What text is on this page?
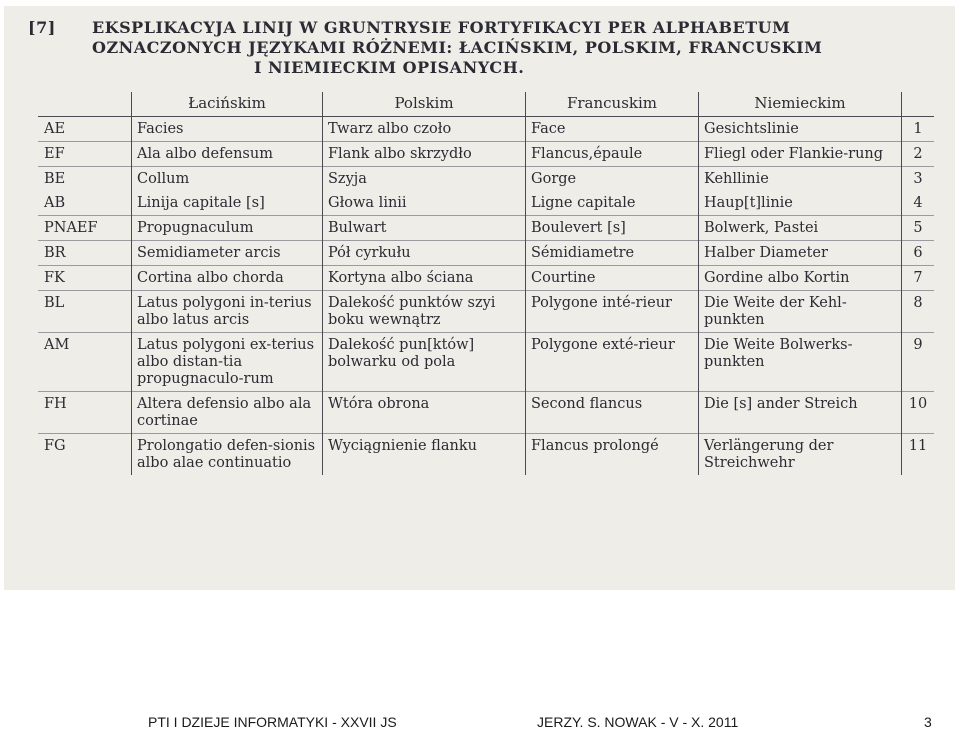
[7] EKSPLIKACYJA LINIJ W GRUNTRYSIE FORTYFIKACYI PER ALPHABETUM
OZNACZONYCH JĘZYKAMI RÓŻNEMI: ŁACIŃSKIM, POLSKIM, FRANCUSKIM
I NIEMIECKIM OPISANYCH.
	Łacińskim	Polskim	Francuskim	Niemieckim	
AE	Facies	Twarz albo czoło	Face	Gesichtslinie	1
EF	Ala albo defensum	Flank albo skrzydło	Flancus,épaule	Fliegl oder Flankie-rung	2
BE	Collum	Szyja	Gorge	Kehllinie	3
AB	Linija capitale [s]	Głowa linii	Ligne capitale	Haup[t]linie	4
PNAEF	Propugnaculum	Bulwart	Boulevert [s]	Bolwerk, Pastei	5
BR	Semidiameter arcis	Pół cyrkułu	Sémidiametre	Halber Diameter	6
FK	Cortina albo chorda	Kortyna albo ściana	Courtine	Gordine albo Kortin	7
BL	Latus polygoni in-terius albo latus arcis	Dalekość punktów szyi boku wewnątrz	Polygone inté-rieur	Die Weite der Kehl-punkten	8
AM	Latus polygoni ex-terius albo distan-tia propugnaculo-rum	Dalekość pun[któw] bolwarku od pola	Polygone exté-rieur	Die Weite Bolwerks-punkten	9
FH	Altera defensio albo ala cortinae	Wtóra obrona	Second flancus	Die [s] ander Streich	10
FG	Prolongatio defen-sionis albo alae continuatio	Wyciągnienie flanku	Flancus prolongé	Verlängerung der Streichwehr	11
PTI I DZIEJE INFORMATYKI - XXVII JS	JERZY. S. NOWAK - V - X. 2011	3
